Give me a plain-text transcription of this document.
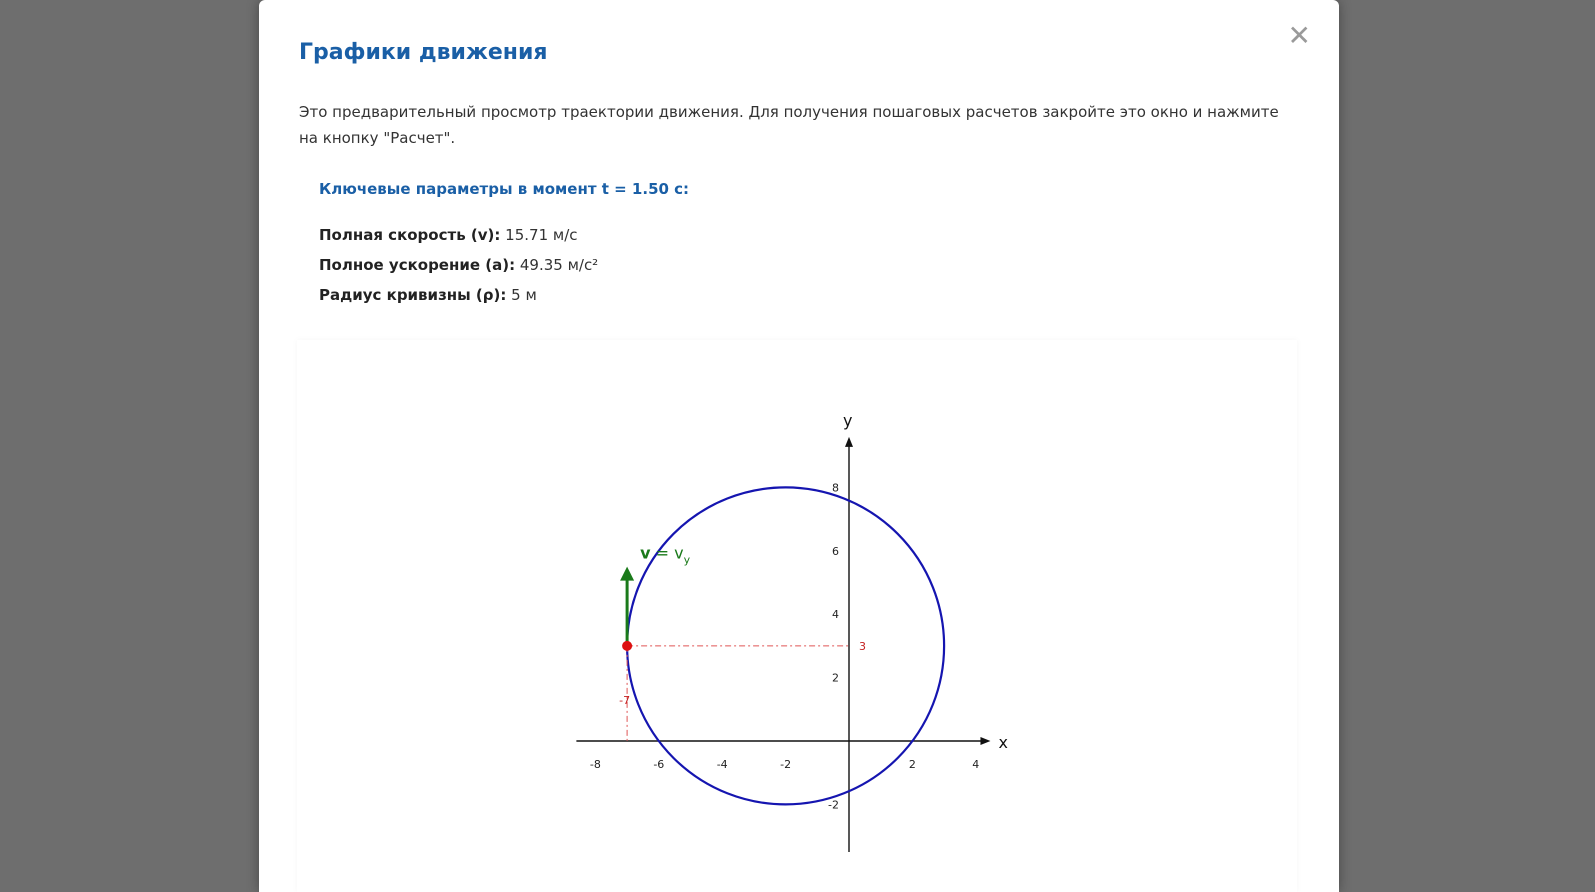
✕
Графики движения

Это предварительный просмотр траектории движения. Для получения пошаговых расчетов закройте это окно и нажмите на кнопку "Расчет".

Ключевые параметры в момент t = 1.50 с:

Полная скорость (v): 15.71 м/с

Полное ускорение (a): 49.35 м/с²

Радиус кривизны (ρ): 5 м

x
y
-8	-6	-4	-2	2	4
-2
2
4
6
8
3
-7
$v = v_y$
